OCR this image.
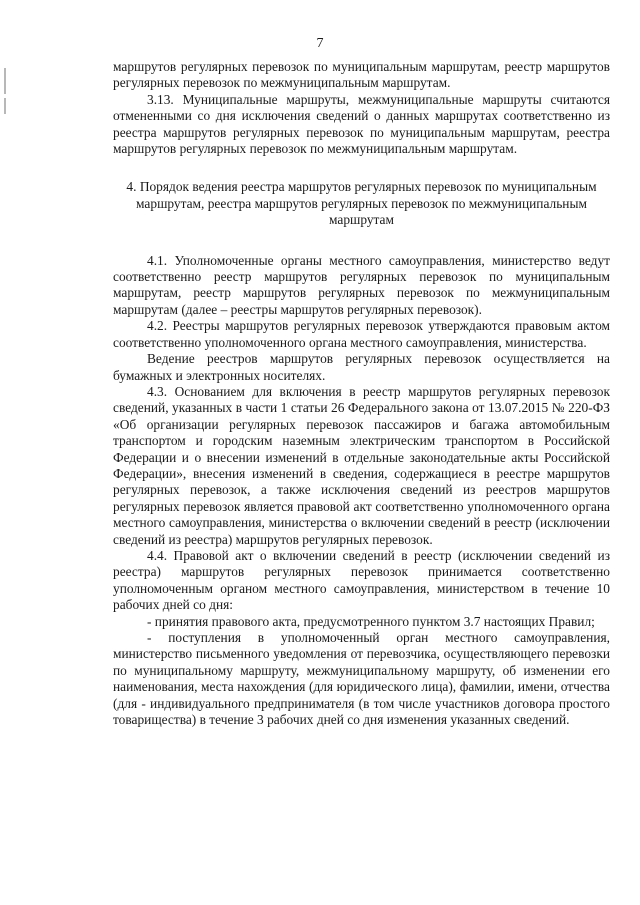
7

маршрутов регулярных перевозок по муниципальным маршрутам, реестр маршрутов регулярных перевозок по межмуниципальным маршрутам.

3.13. Муниципальные маршруты, межмуниципальные маршруты считаются отмененными со дня исключения сведений о данных маршрутах соответственно из реестра маршрутов регулярных перевозок по муниципальным маршрутам, реестра маршрутов регулярных перевозок по межмуниципальным маршрутам.

4. Порядок ведения реестра маршрутов регулярных перевозок по муниципальным маршрутам, реестра маршрутов регулярных перевозок по межмуниципальным маршрутам

4.1. Уполномоченные органы местного самоуправления, министерство ведут соответственно реестр маршрутов регулярных перевозок по муниципальным маршрутам, реестр маршрутов регулярных перевозок по межмуниципальным маршрутам (далее – реестры маршрутов регулярных перевозок).

4.2. Реестры маршрутов регулярных перевозок утверждаются правовым актом соответственно уполномоченного органа местного самоуправления, министерства.

Ведение реестров маршрутов регулярных перевозок осуществляется на бумажных и электронных носителях.

4.3. Основанием для включения в реестр маршрутов регулярных перевозок сведений, указанных в части 1 статьи 26 Федерального закона от 13.07.2015 № 220-ФЗ «Об организации регулярных перевозок пассажиров и багажа автомобильным транспортом и городским наземным электрическим транспортом в Российской Федерации и о внесении изменений в отдельные законодательные акты Российской Федерации», внесения изменений в сведения, содержащиеся в реестре маршрутов регулярных перевозок, а также исключения сведений из реестров маршрутов регулярных перевозок является правовой акт соответственно уполномоченного органа местного самоуправления, министерства о включении сведений в реестр (исключении сведений из реестра) маршрутов регулярных перевозок.

4.4. Правовой акт о включении сведений в реестр (исключении сведений из реестра) маршрутов регулярных перевозок принимается соответственно уполномоченным органом местного самоуправления, министерством в течение 10 рабочих дней со дня:

- принятия правового акта, предусмотренного пунктом 3.7 настоящих Правил;

- поступления в уполномоченный орган местного самоуправления, министерство письменного уведомления от перевозчика, осуществляющего перевозки по муниципальному маршруту, межмуниципальному маршруту, об изменении его наименования, места нахождения (для юридического лица), фамилии, имени, отчества (для - индивидуального предпринимателя (в том числе участников договора простого товарищества) в течение 3 рабочих дней со дня изменения указанных сведений.
